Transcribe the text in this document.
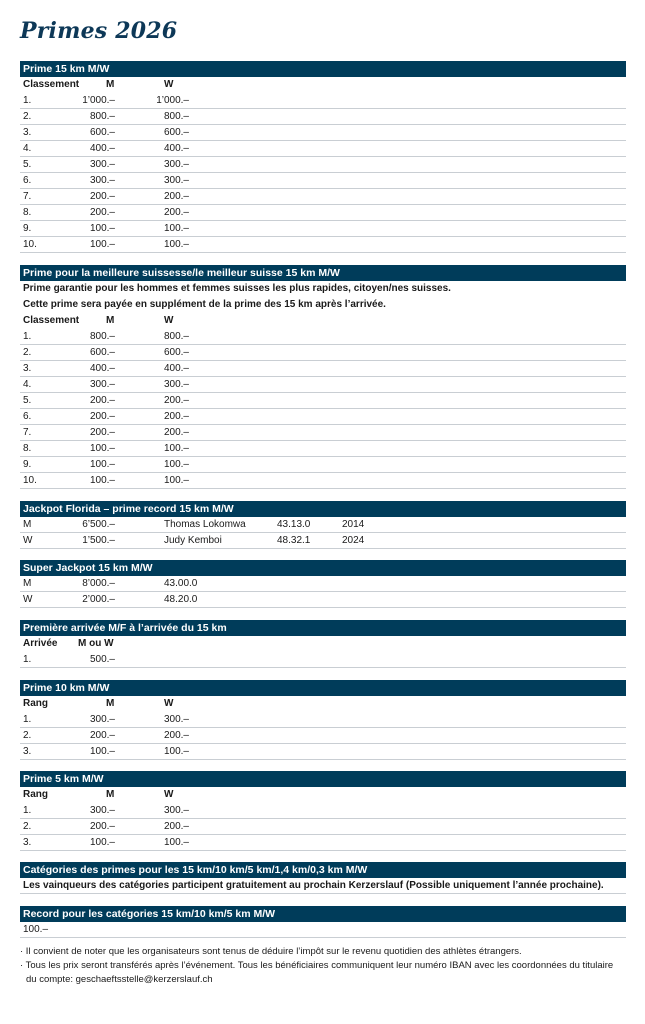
Primes 2026
Prime 15 km M/W
Classement	M	W
1.	1’000.–	1’000.–
2.	800.–	800.–
3.	600.–	600.–
4.	400.–	400.–
5.	300.–	300.–
6.	300.–	300.–
7.	200.–	200.–
8.	200.–	200.–
9.	100.–	100.–
10.	100.–	100.–
Prime pour la meilleure suissesse/le meilleur suisse 15 km M/W
Prime garantie pour les hommes et femmes suisses les plus rapides, citoyen/nes suisses.
Cette prime sera payée en supplément de la prime des 15 km après l’arrivée.
Classement	M	W
1.	800.–	800.–
2.	600.–	600.–
3.	400.–	400.–
4.	300.–	300.–
5.	200.–	200.–
6.	200.–	200.–
7.	200.–	200.–
8.	100.–	100.–
9.	100.–	100.–
10.	100.–	100.–
Jackpot Florida – prime record 15 km M/W
M	6’500.–	Thomas Lokomwa	43.13.0	2014
W	1’500.–	Judy Kemboi	48.32.1	2024
Super Jackpot 15 km M/W
M	8’000.–	43.00.0
W	2’000.–	48.20.0
Première arrivée M/F à l’arrivée du 15 km
Arrivée M ou W
1.	500.–
Prime 10 km M/W
Rang	M	W
1.	300.–	300.–
2.	200.–	200.–
3.	100.–	100.–
Prime 5 km M/W
Rang	M	W
1.	300.–	300.–
2.	200.–	200.–
3.	100.–	100.–
Catégories des primes pour les 15 km/10 km/5 km/1,4 km/0,3 km M/W
Les vainqueurs des catégories participent gratuitement au prochain Kerzerslauf (Possible uniquement l’année prochaine).
Record pour les catégories 15 km/10 km/5 km M/W
100.–

· Il convient de noter que les organisateurs sont tenus de déduire l’impôt sur le revenu quotidien des athlètes étrangers.

· Tous les prix seront transférés après l’événement. Tous les bénéficiaires communiquent leur numéro IBAN avec les coordonnées du titulaire du compte: geschaeftsstelle@kerzerslauf.ch
